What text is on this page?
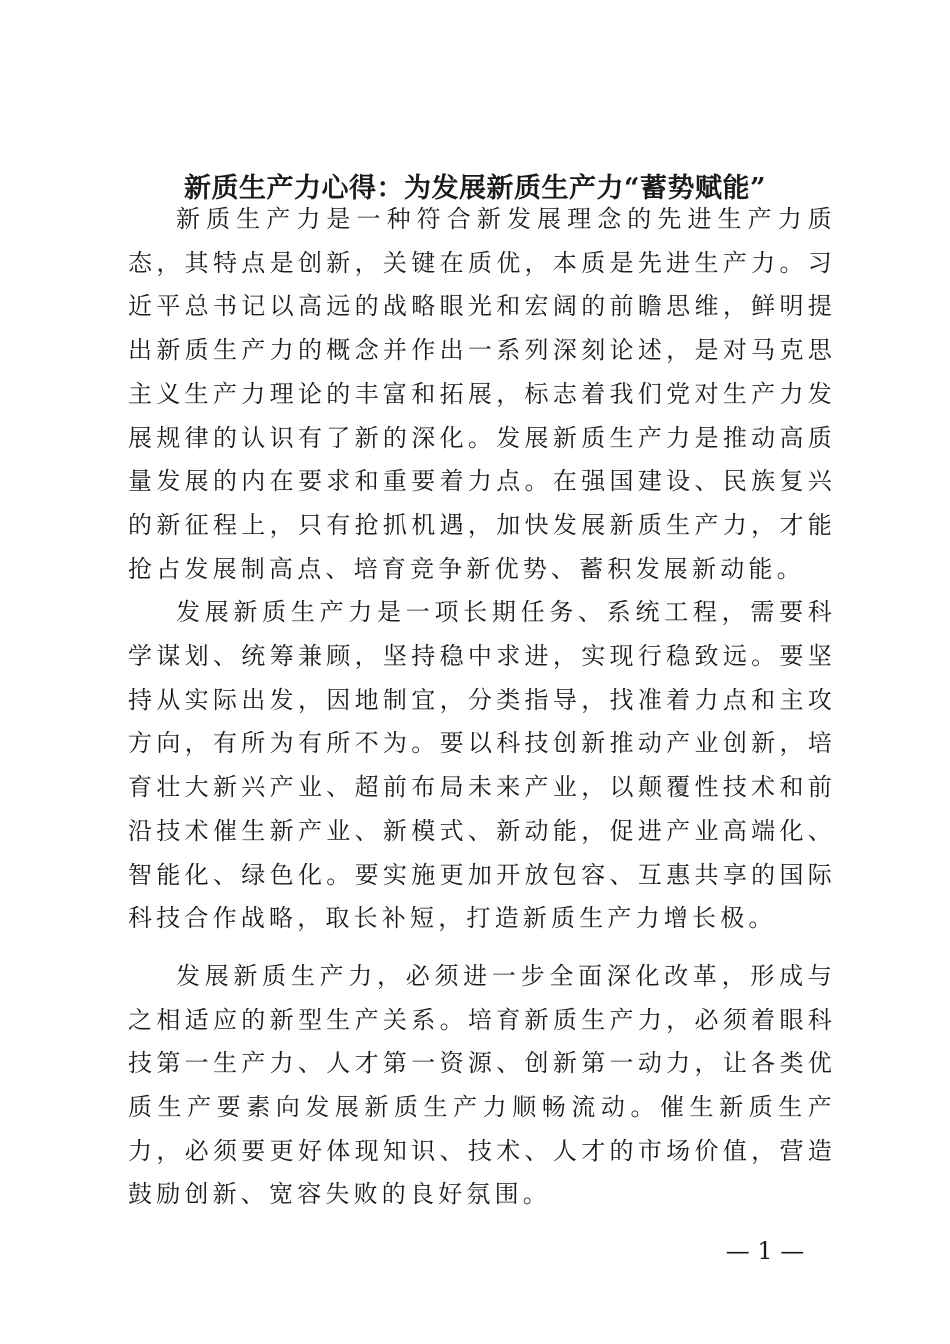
新质生产力心得：为发展新质生产力“蓄势赋能”

新质生产力是一种符合新发展理念的先进生产力质态，其特点是创新，关键在质优，本质是先进生产力。习近平总书记以高远的战略眼光和宏阔的前瞻思维，鲜明提出新质生产力的概念并作出一系列深刻论述，是对马克思主义生产力理论的丰富和拓展，标志着我们党对生产力发展规律的认识有了新的深化。发展新质生产力是推动高质量发展的内在要求和重要着力点。在强国建设、民族复兴的新征程上，只有抢抓机遇，加快发展新质生产力，才能抢占发展制高点、培育竞争新优势、蓄积发展新动能。

发展新质生产力是一项长期任务、系统工程，需要科学谋划、统筹兼顾，坚持稳中求进，实现行稳致远。要坚持从实际出发，因地制宜，分类指导，找准着力点和主攻方向，有所为有所不为。要以科技创新推动产业创新，培育壮大新兴产业、超前布局未来产业，以颠覆性技术和前沿技术催生新产业、新模式、新动能，促进产业高端化、智能化、绿色化。要实施更加开放包容、互惠共享的国际科技合作战略，取长补短，打造新质生产力增长极。

发展新质生产力，必须进一步全面深化改革，形成与之相适应的新型生产关系。培育新质生产力，必须着眼科技第一生产力、人才第一资源、创新第一动力，让各类优质生产要素向发展新质生产力顺畅流动。催生新质生产力，必须要更好体现知识、技术、人才的市场价值，营造鼓励创新、宽容失败的良好氛围。

— 1 —
